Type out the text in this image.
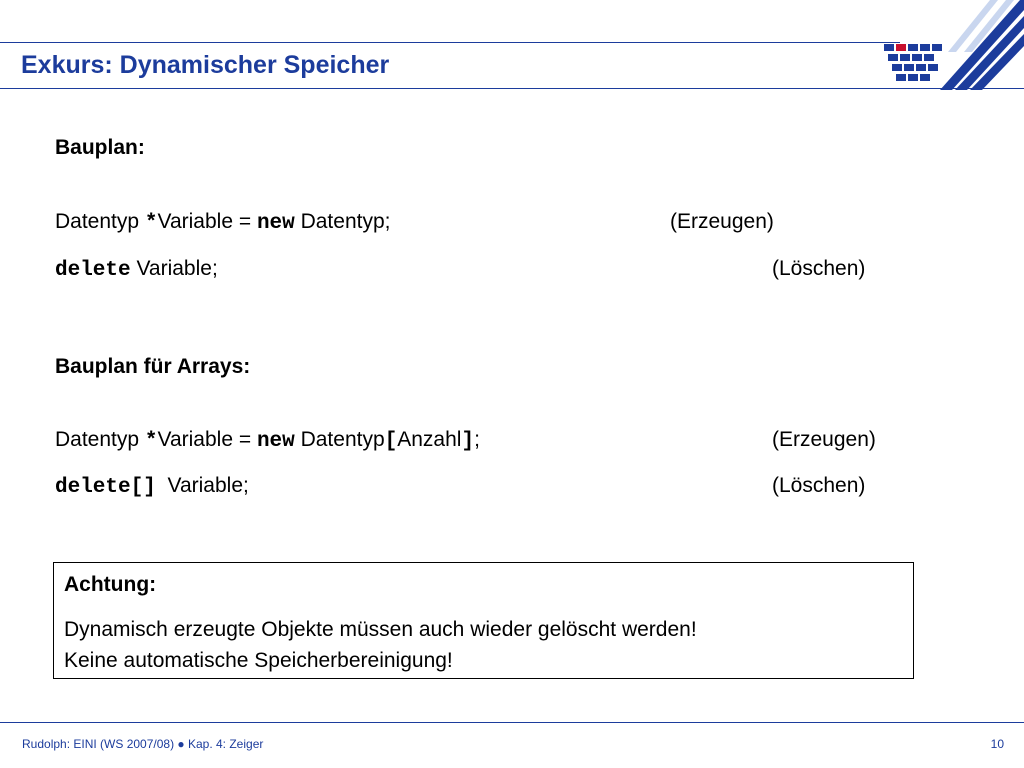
Exkurs: Dynamischer Speicher
Bauplan:
Datentyp *Variable = new Datentyp;	(Erzeugen)
delete Variable;	(Löschen)
Bauplan für Arrays:
Datentyp *Variable = new Datentyp[Anzahl];	(Erzeugen)
delete[]  Variable;	(Löschen)
Achtung:
Dynamisch erzeugte Objekte müssen auch wieder gelöscht werden!
Keine automatische Speicherbereinigung!
Rudolph: EINI (WS 2007/08) ● Kap. 4: Zeiger	10
